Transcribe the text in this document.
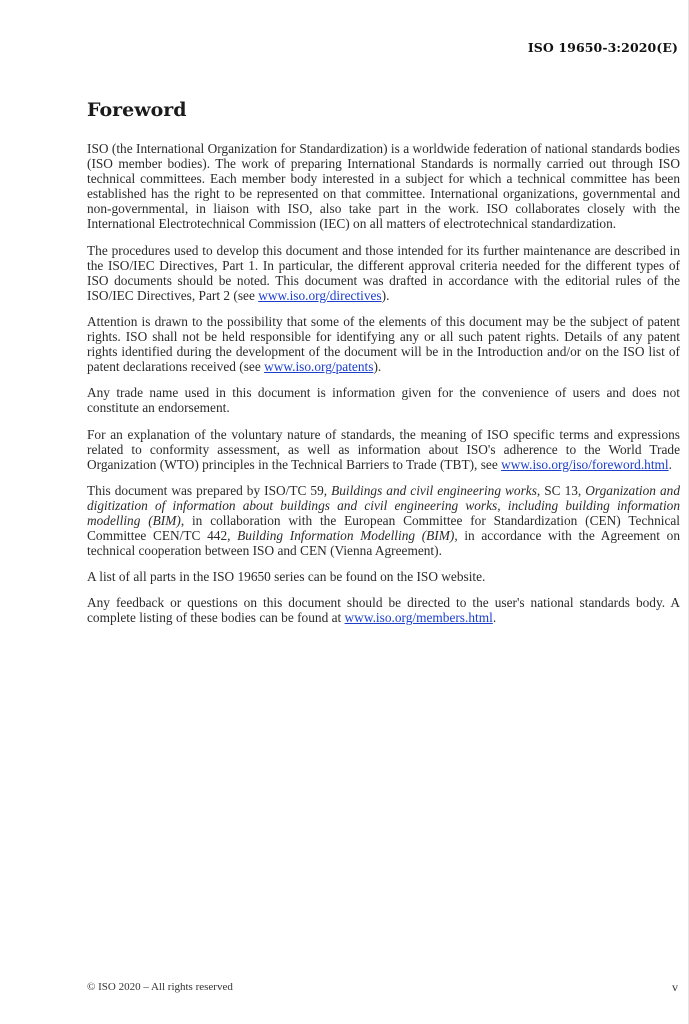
ISO 19650-3:2020(E)
Foreword

ISO (the International Organization for Standardization) is a worldwide federation of national standards bodies (ISO member bodies). The work of preparing International Standards is normally carried out through ISO technical committees. Each member body interested in a subject for which a technical committee has been established has the right to be represented on that committee. International organizations, governmental and non-governmental, in liaison with ISO, also take part in the work. ISO collaborates closely with the International Electrotechnical Commission (IEC) on all matters of electrotechnical standardization.

The procedures used to develop this document and those intended for its further maintenance are described in the ISO/IEC Directives, Part 1. In particular, the different approval criteria needed for the different types of ISO documents should be noted. This document was drafted in accordance with the editorial rules of the ISO/IEC Directives, Part 2 (see www.iso.org/directives).

Attention is drawn to the possibility that some of the elements of this document may be the subject of patent rights. ISO shall not be held responsible for identifying any or all such patent rights. Details of any patent rights identified during the development of the document will be in the Introduction and/or on the ISO list of patent declarations received (see www.iso.org/patents).

Any trade name used in this document is information given for the convenience of users and does not constitute an endorsement.

For an explanation of the voluntary nature of standards, the meaning of ISO specific terms and expressions related to conformity assessment, as well as information about ISO's adherence to the World Trade Organization (WTO) principles in the Technical Barriers to Trade (TBT), see www.iso.org/iso/foreword.html.

This document was prepared by ISO/TC 59, Buildings and civil engineering works, SC 13, Organization and digitization of information about buildings and civil engineering works, including building information modelling (BIM), in collaboration with the European Committee for Standardization (CEN) Technical Committee CEN/TC 442, Building Information Modelling (BIM), in accordance with the Agreement on technical cooperation between ISO and CEN (Vienna Agreement).

A list of all parts in the ISO 19650 series can be found on the ISO website.

Any feedback or questions on this document should be directed to the user's national standards body. A complete listing of these bodies can be found at www.iso.org/members.html.

© ISO 2020 – All rights reserved	v
